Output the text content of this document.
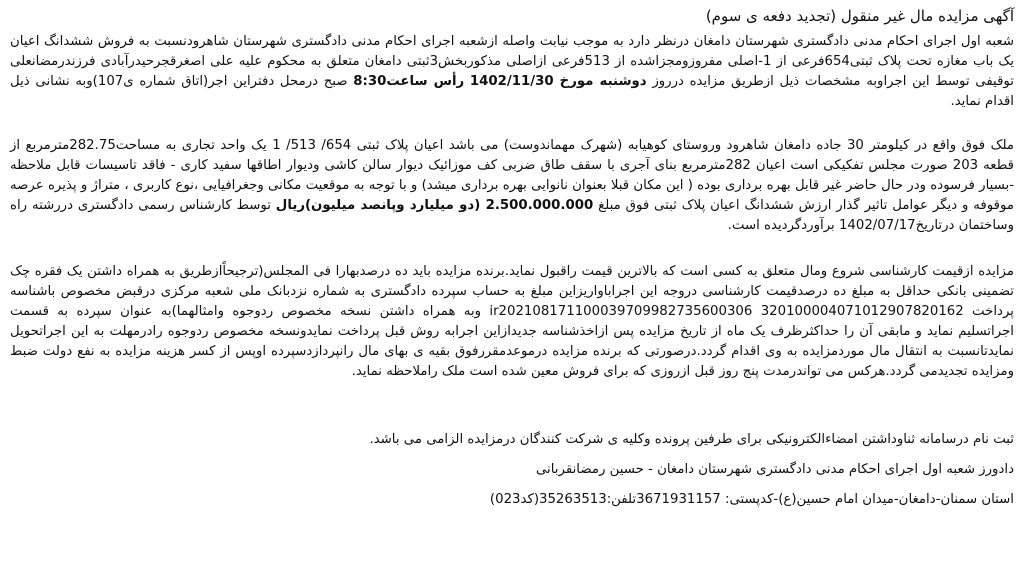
آگهی مزایده مال غیر منقول (تجدید دفعه ی سوم)

شعبه اول اجرای احکام مدنی دادگستری شهرستان دامغان درنظر دارد به موجب نیابت واصله ازشعبه اجرای احکام مدنی دادگستری شهرستان شاهرودنسبت به فروش ششدانگ اعیان یک باب مغازه تحت پلاک ثبتی654فرعی از 1-اصلی مفروزومجزاشده از 513فرعی ازاصلی مذکوربخش3ثبتی دامغان متعلق به محکوم علیه علی اصغرقجرحیدرآبادی فرزندرمضانعلی توقیفی توسط این اجراوبه مشخصات ذیل ازطریق مزایده درروز دوشنبه مورخ 1402/11/30 رأس ساعت8:30 صبح درمحل دفتراین اجر(اتاق شماره ی107)وبه نشانی ذیل اقدام نماید.

ملک فوق واقع در کیلومتر 30 جاده دامغان شاهرود وروستای کوهیابه (شهرک مهماندوست) می باشد اعیان پلاک ثبتی 654/ 513/ 1 یک واحد تجاری به مساحت282.75مترمربع از قطعه 203 صورت مجلس تفکیکی است اعیان 282مترمربع بنای آجری با سقف طاق ضربی کف موزائیک دیوار سالن کاشی ودیوار اطاقها سفید کاری - فاقد تاسیسات قابل ملاحظه -بسیار فرسوده ودر حال حاضر غیر قابل بهره برداری بوده ( این مکان قبلا بعنوان نانوایی بهره برداری میشد) و با توجه به موقعیت مکانی وجغرافیایی ،نوع کاربری ، متراژ و پذیره عرصه موقوفه و دیگر عوامل تاثیر گذار ارزش ششدانگ اعیان پلاک ثبتی فوق مبلغ 2.500.000.000 (دو میلیارد وپانصد میلیون)ریال توسط کارشناس رسمی دادگستری دررشته راه وساختمان درتاریخ1402/07/17 برآوردگردیده است.

مزایده ازقیمت کارشناسی شروع ومال متعلق به کسی است که بالاترین قیمت راقبول نماید.برنده مزایده باید ده درصدبهارا فی المجلس(ترجیحاًازطریق به همراه داشتن یک فقره چک تضمینی بانکی حداقل به مبلغ ده درصدقیمت کارشناسی دروجه این اجراباواریزاین مبلغ به حساب سپرده دادگستری به شماره نزدبانک ملی شعبه مرکزی درقبض مخصوص باشناسه پرداخت 320100004071012907820162 ir202108171100039709982735600306 وبه همراه داشتن نسخه مخصوص ردوجوه وامثالهما)به عنوان سپرده به قسمت اجراتسلیم نماید و مابقی آن را حداکثرظرف یک ماه از تاریخ مزایده پس ازاخذشناسه جدیدازاین اجرابه روش قبل پرداخت نمایدونسخه مخصوص ردوجوه رادرمهلت به این اجراتحویل نمایدتانسبت به انتقال مال موردمزایده به وی اقدام گردد.درصورتی که برنده مزایده درموعدمقررفوق بقیه ی بهای مال رانپردازدسپرده اوپس از کسر هزینه مزایده به نفع دولت ضبط ومزایده تجدیدمی گردد.هرکس می تواندرمدت پنج روز قبل ازروزی که برای فروش معین شده است ملک راملاحظه نماید.

ثبت نام درسامانه ثناوداشتن امضاءالکترونیکی برای طرفین پرونده وکلیه ی شرکت کنندگان درمزایده الزامی می باشد.

دادورز شعبه اول اجرای احکام مدنی دادگستری شهرستان دامغان - حسین رمضانقربانی

استان سمنان-دامغان-میدان امام حسین(ع)-کدپستی: 3671931157تلفن:35263513(کد023)
